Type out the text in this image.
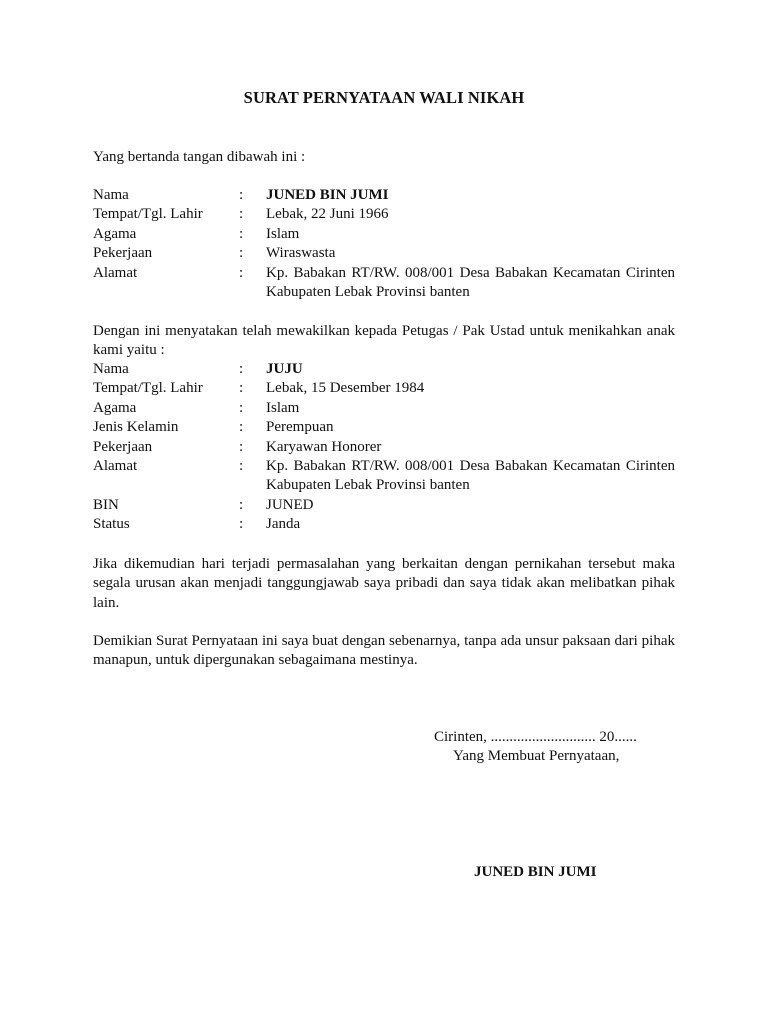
SURAT PERNYATAAN WALI NIKAH
Yang bertanda tangan dibawah ini :
Nama	:	JUNED BIN JUMI
Tempat/Tgl. Lahir	:	Lebak, 22 Juni 1966
Agama	:	Islam
Pekerjaan	:	Wiraswasta
Alamat	:	Kp. Babakan RT/RW. 008/001 Desa Babakan Kecamatan Cirinten Kabupaten Lebak Provinsi banten
Dengan ini menyatakan telah mewakilkan kepada Petugas / Pak Ustad untuk menikahkan anak kami yaitu :
Nama	:	JUJU
Tempat/Tgl. Lahir	:	Lebak, 15 Desember 1984
Agama	:	Islam
Jenis Kelamin	:	Perempuan
Pekerjaan	:	Karyawan Honorer
Alamat	:	Kp. Babakan RT/RW. 008/001 Desa Babakan Kecamatan Cirinten Kabupaten Lebak Provinsi banten
BIN	:	JUNED
Status	:	Janda
Jika dikemudian hari terjadi permasalahan yang berkaitan dengan pernikahan tersebut maka segala urusan akan menjadi tanggungjawab saya pribadi dan saya tidak akan melibatkan pihak lain.
Demikian Surat Pernyataan ini saya buat dengan sebenarnya, tanpa ada unsur paksaan dari pihak manapun, untuk dipergunakan sebagaimana mestinya.
Cirinten, ............................ 20......
Yang Membuat Pernyataan,
JUNED BIN JUMI
